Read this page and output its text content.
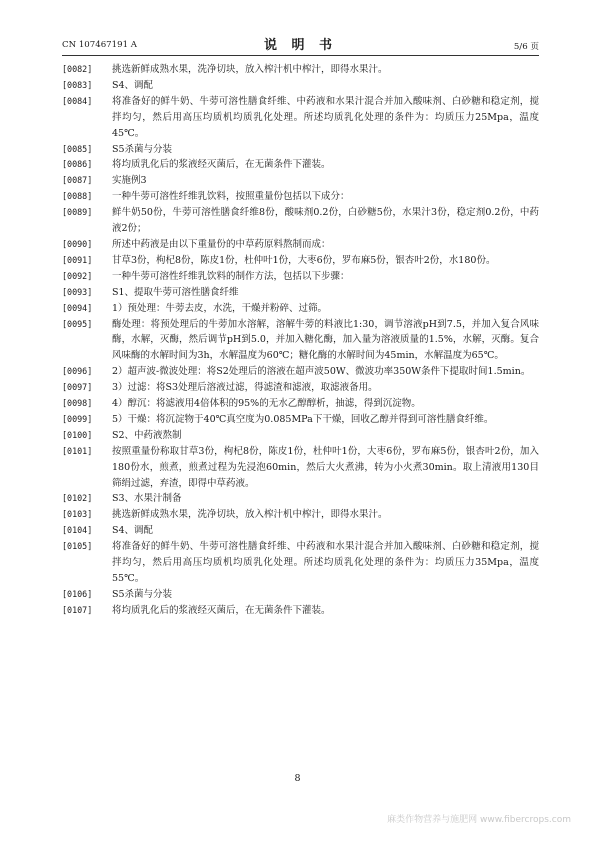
CN 107467191 A	说 明 书	5/6 页
[0082]	挑选新鲜成熟水果，洗净切块，放入榨汁机中榨汁，即得水果汁。
[0083]	S4、调配
[0084]	将准备好的鲜牛奶、牛蒡可溶性膳食纤维、中药液和水果汁混合并加入酸味剂、白砂糖和稳定剂，搅拌均匀，然后用高压均质机均质乳化处理。所述均质乳化处理的条件为：均质压力25Mpa，温度45℃。
[0085]	S5杀菌与分装
[0086]	将均质乳化后的浆液经灭菌后，在无菌条件下灌装。
[0087]	实施例3
[0088]	一种牛蒡可溶性纤维乳饮料，按照重量份包括以下成分：
[0089]	鲜牛奶50份，牛蒡可溶性膳食纤维8份，酸味剂0.2份，白砂糖5份，水果汁3份，稳定剂0.2份，中药液2份；
[0090]	所述中药液是由以下重量份的中草药原料熬制而成：
[0091]	甘草3份，枸杞8份，陈皮1份，杜仲叶1份，大枣6份，罗布麻5份，银杏叶2份，水180份。
[0092]	一种牛蒡可溶性纤维乳饮料的制作方法，包括以下步骤：
[0093]	S1、提取牛蒡可溶性膳食纤维
[0094]	1）预处理：牛蒡去皮，水洗，干燥并粉碎、过筛。
[0095]	酶处理：将预处理后的牛蒡加水溶解，溶解牛蒡的料液比1:30，调节溶液pH到7.5，并加入复合风味酶，水解，灭酶，然后调节pH到5.0，并加入糖化酶，加入量为溶液质量的1.5%，水解，灭酶。复合风味酶的水解时间为3h，水解温度为60℃；糖化酶的水解时间为45min，水解温度为65℃。
[0096]	2）超声波-微波处理：将S2处理后的溶液在超声波50W、微波功率350W条件下提取时间1.5min。
[0097]	3）过滤：将S3处理后溶液过滤，得滤渣和滤液，取滤液备用。
[0098]	4）醇沉：将滤液用4倍体积的95%的无水乙醇醇析，抽滤，得到沉淀物。
[0099]	5）干燥：将沉淀物于40℃真空度为0.085MPa下干燥，回收乙醇并得到可溶性膳食纤维。
[0100]	S2、中药液熬制
[0101]	按照重量份称取甘草3份，枸杞8份，陈皮1份，杜仲叶1份，大枣6份，罗布麻5份，银杏叶2份，加入180份水，煎煮，煎煮过程为先浸泡60min，然后大火煮沸，转为小火煮30min。取上清液用130目筛绢过滤，弃渣，即得中草药液。
[0102]	S3、水果汁制备
[0103]	挑选新鲜成熟水果，洗净切块，放入榨汁机中榨汁，即得水果汁。
[0104]	S4、调配
[0105]	将准备好的鲜牛奶、牛蒡可溶性膳食纤维、中药液和水果汁混合并加入酸味剂、白砂糖和稳定剂，搅拌均匀，然后用高压均质机均质乳化处理。所述均质乳化处理的条件为：均质压力35Mpa，温度55℃。
[0106]	S5杀菌与分装
[0107]	将均质乳化后的浆液经灭菌后，在无菌条件下灌装。
8
麻类作物营养与施肥网 www.fibercrops.com
